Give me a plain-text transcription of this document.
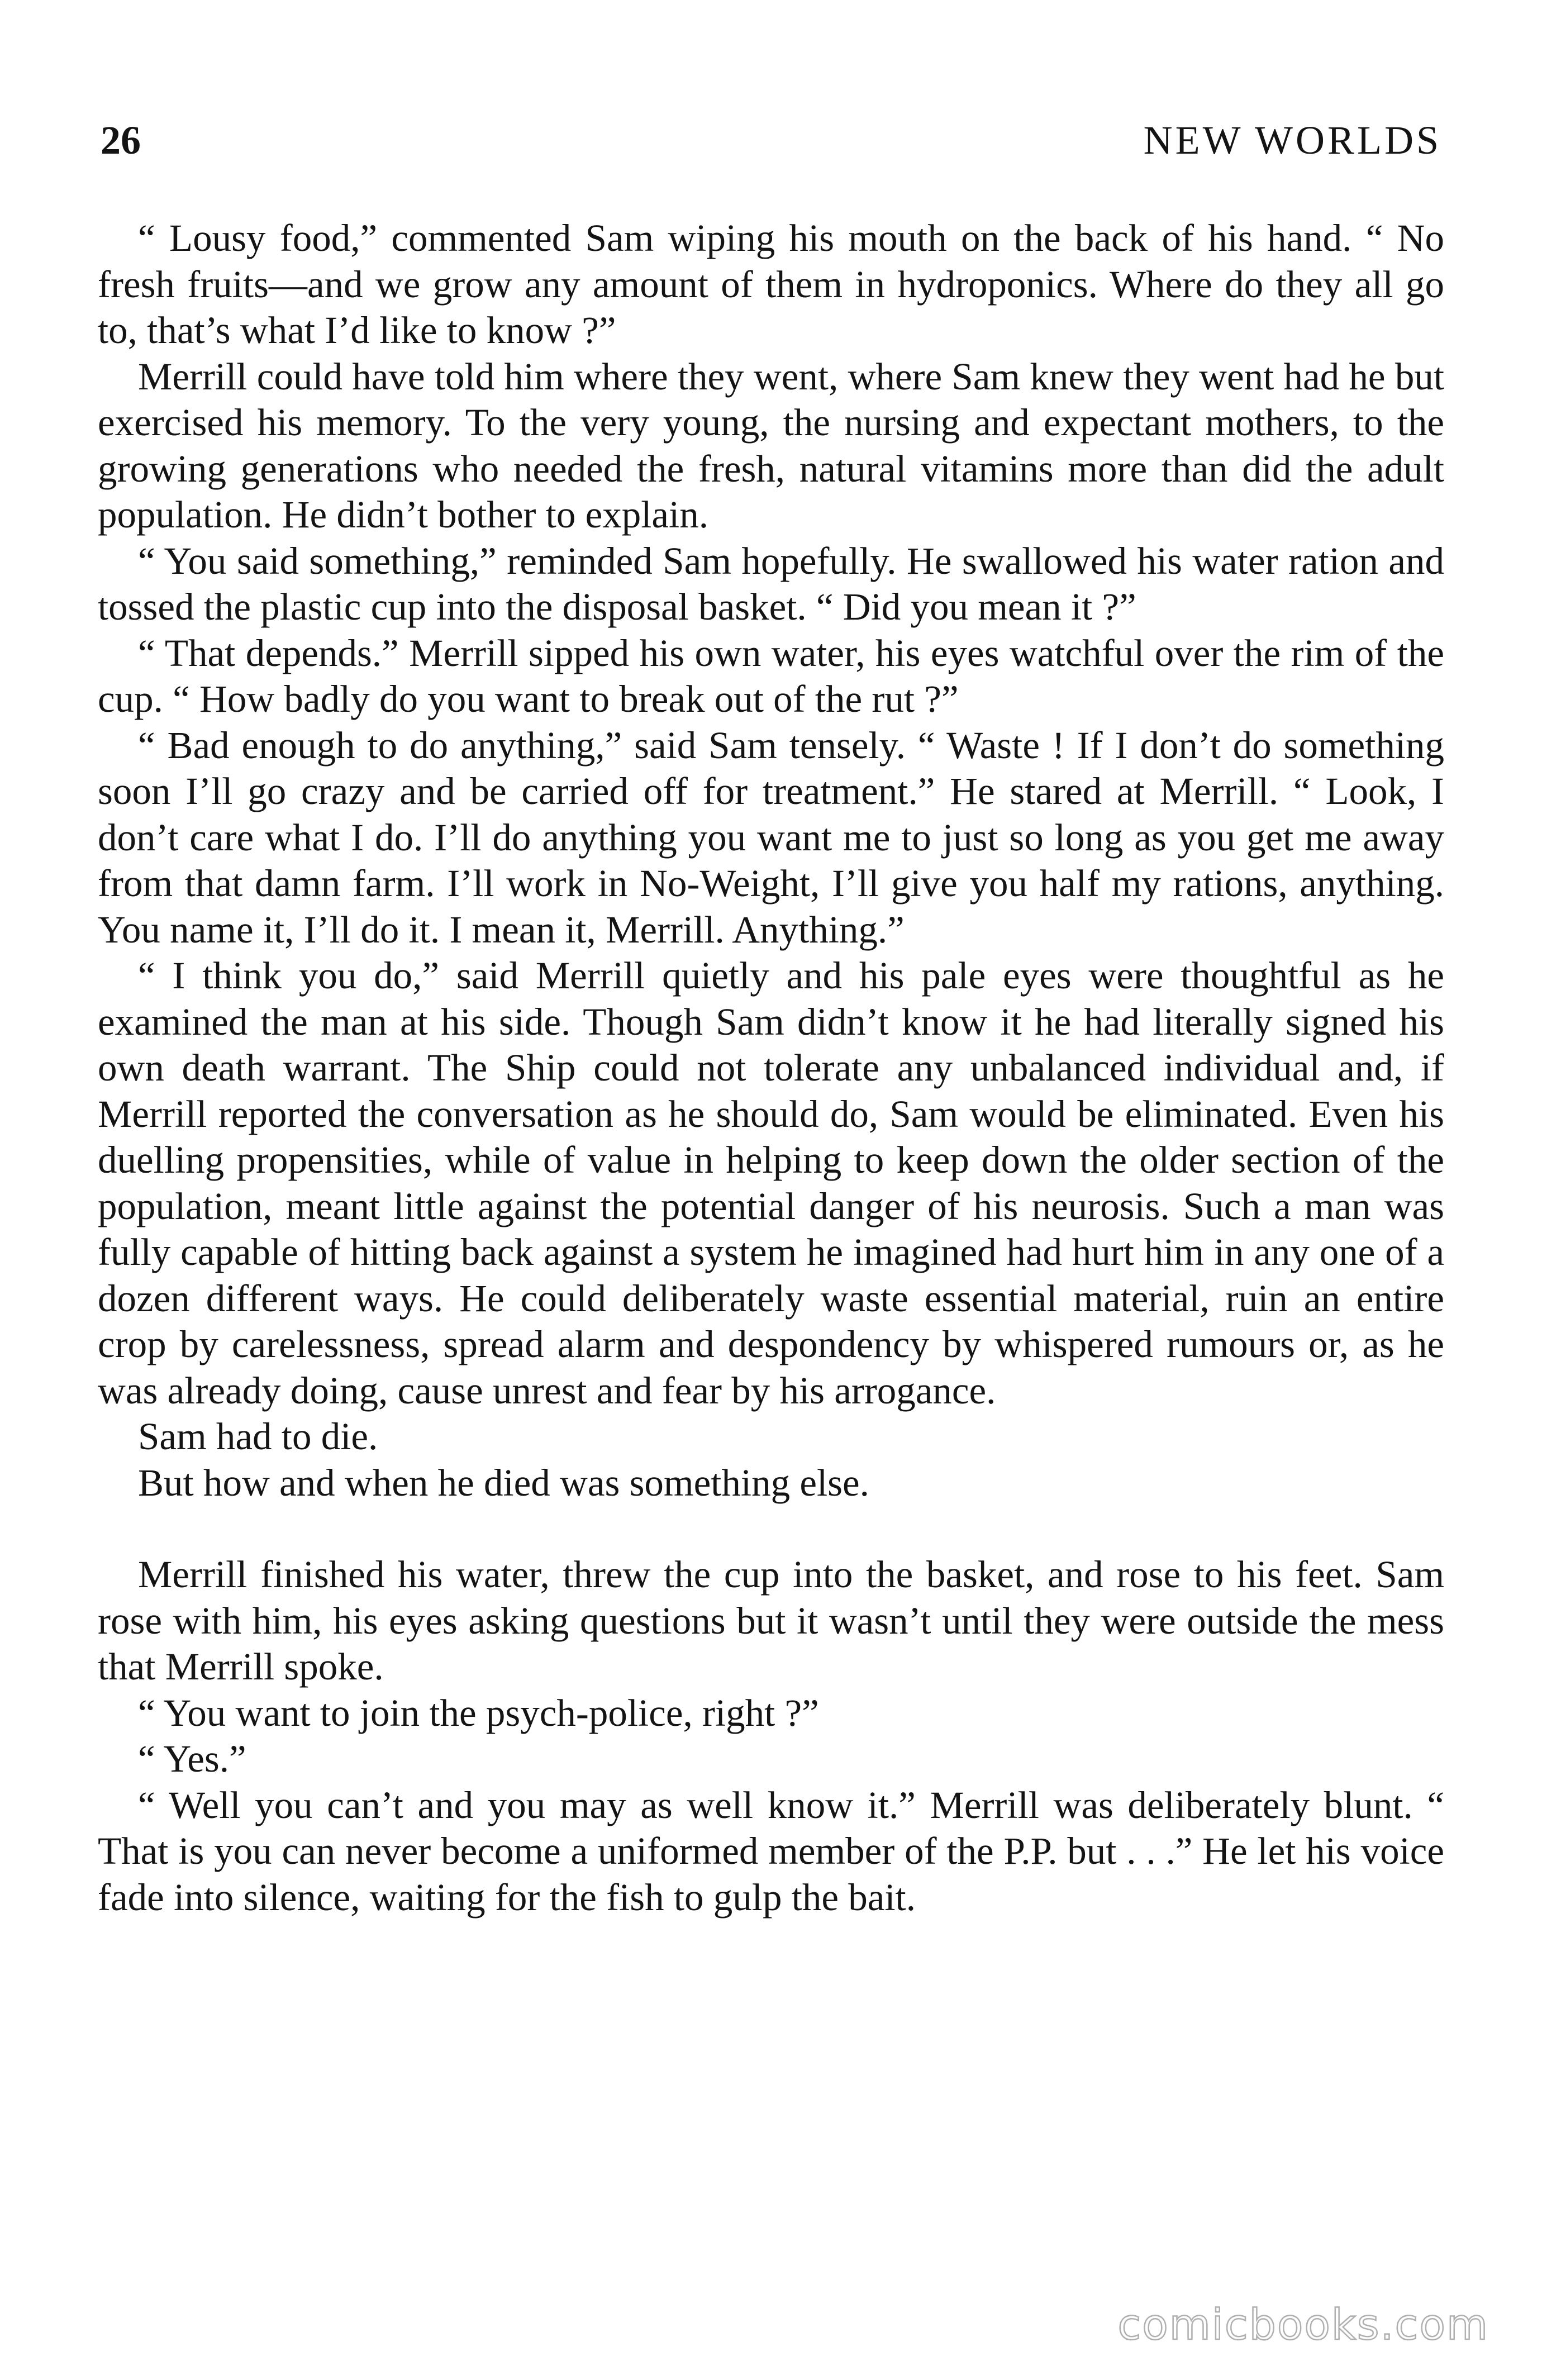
26	NEW WORLDS

“ Lousy food,” commented Sam wiping his mouth on the back of his hand. “ No fresh fruits—and we grow any amount of them in hydroponics. Where do they all go to, that’s what I’d like to know ?”

Merrill could have told him where they went, where Sam knew they went had he but exercised his memory. To the very young, the nursing and expectant mothers, to the growing generations who needed the fresh, natural vitamins more than did the adult population. He didn’t bother to explain.

“ You said something,” reminded Sam hopefully. He swallowed his water ration and tossed the plastic cup into the disposal basket. “ Did you mean it ?”

“ That depends.” Merrill sipped his own water, his eyes watchful over the rim of the cup. “ How badly do you want to break out of the rut ?”

“ Bad enough to do anything,” said Sam tensely. “ Waste ! If I don’t do something soon I’ll go crazy and be carried off for treatment.” He stared at Merrill. “ Look, I don’t care what I do. I’ll do anything you want me to just so long as you get me away from that damn farm. I’ll work in No-Weight, I’ll give you half my rations, anything. You name it, I’ll do it. I mean it, Merrill. Anything.”

“ I think you do,” said Merrill quietly and his pale eyes were thoughtful as he examined the man at his side. Though Sam didn’t know it he had literally signed his own death warrant. The Ship could not tolerate any unbalanced individual and, if Merrill reported the conversation as he should do, Sam would be eliminated. Even his duelling propensities, while of value in helping to keep down the older section of the population, meant little against the potential danger of his neurosis. Such a man was fully capable of hitting back against a system he imagined had hurt him in any one of a dozen different ways. He could deliberately waste essential material, ruin an entire crop by carelessness, spread alarm and despondency by whispered rumours or, as he was already doing, cause unrest and fear by his arrogance.

Sam had to die.

But how and when he died was something else.

Merrill finished his water, threw the cup into the basket, and rose to his feet. Sam rose with him, his eyes asking questions but it wasn’t until they were outside the mess that Merrill spoke.

“ You want to join the psych-police, right ?”

“ Yes.”

“ Well you can’t and you may as well know it.” Merrill was deliberately blunt. “ That is you can never become a uniformed member of the P.P. but . . .” He let his voice fade into silence, waiting for the fish to gulp the bait.

comicbooks.com
